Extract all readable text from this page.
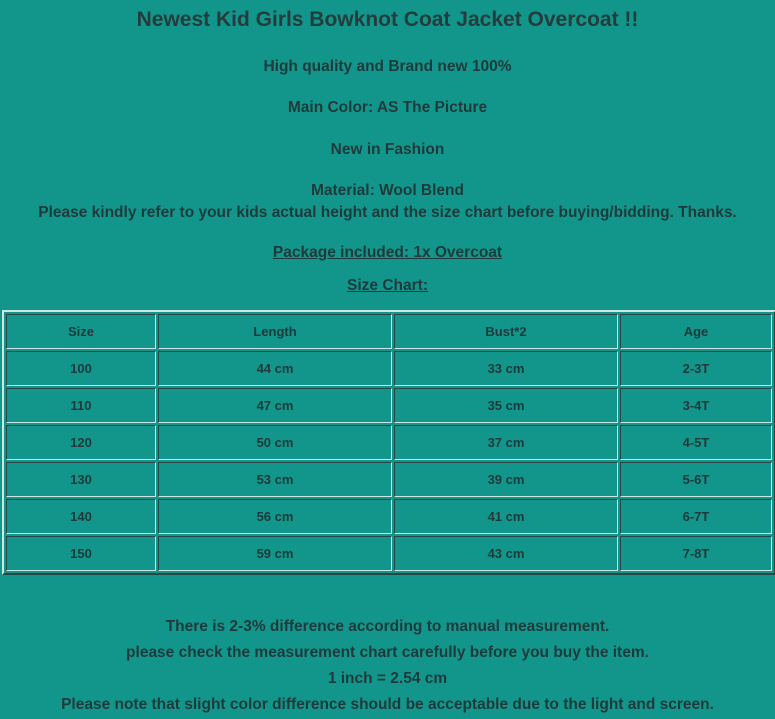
Newest Kid Girls Bowknot Coat Jacket Overcoat !!
High quality and Brand new 100%
Main Color: AS The Picture
New in Fashion
Material: Wool Blend
Please kindly refer to your kids actual height and the size chart before buying/bidding. Thanks.
Package included: 1x Overcoat
Size Chart:
Size	Length	Bust*2	Age
100	44 cm	33 cm	2-3T
110	47 cm	35 cm	3-4T
120	50 cm	37 cm	4-5T
130	53 cm	39 cm	5-6T
140	56 cm	41 cm	6-7T
150	59 cm	43 cm	7-8T
There is 2-3% difference according to manual measurement.
please check the measurement chart carefully before you buy the item.
1 inch = 2.54 cm
Please note that slight color difference should be acceptable due to the light and screen.
